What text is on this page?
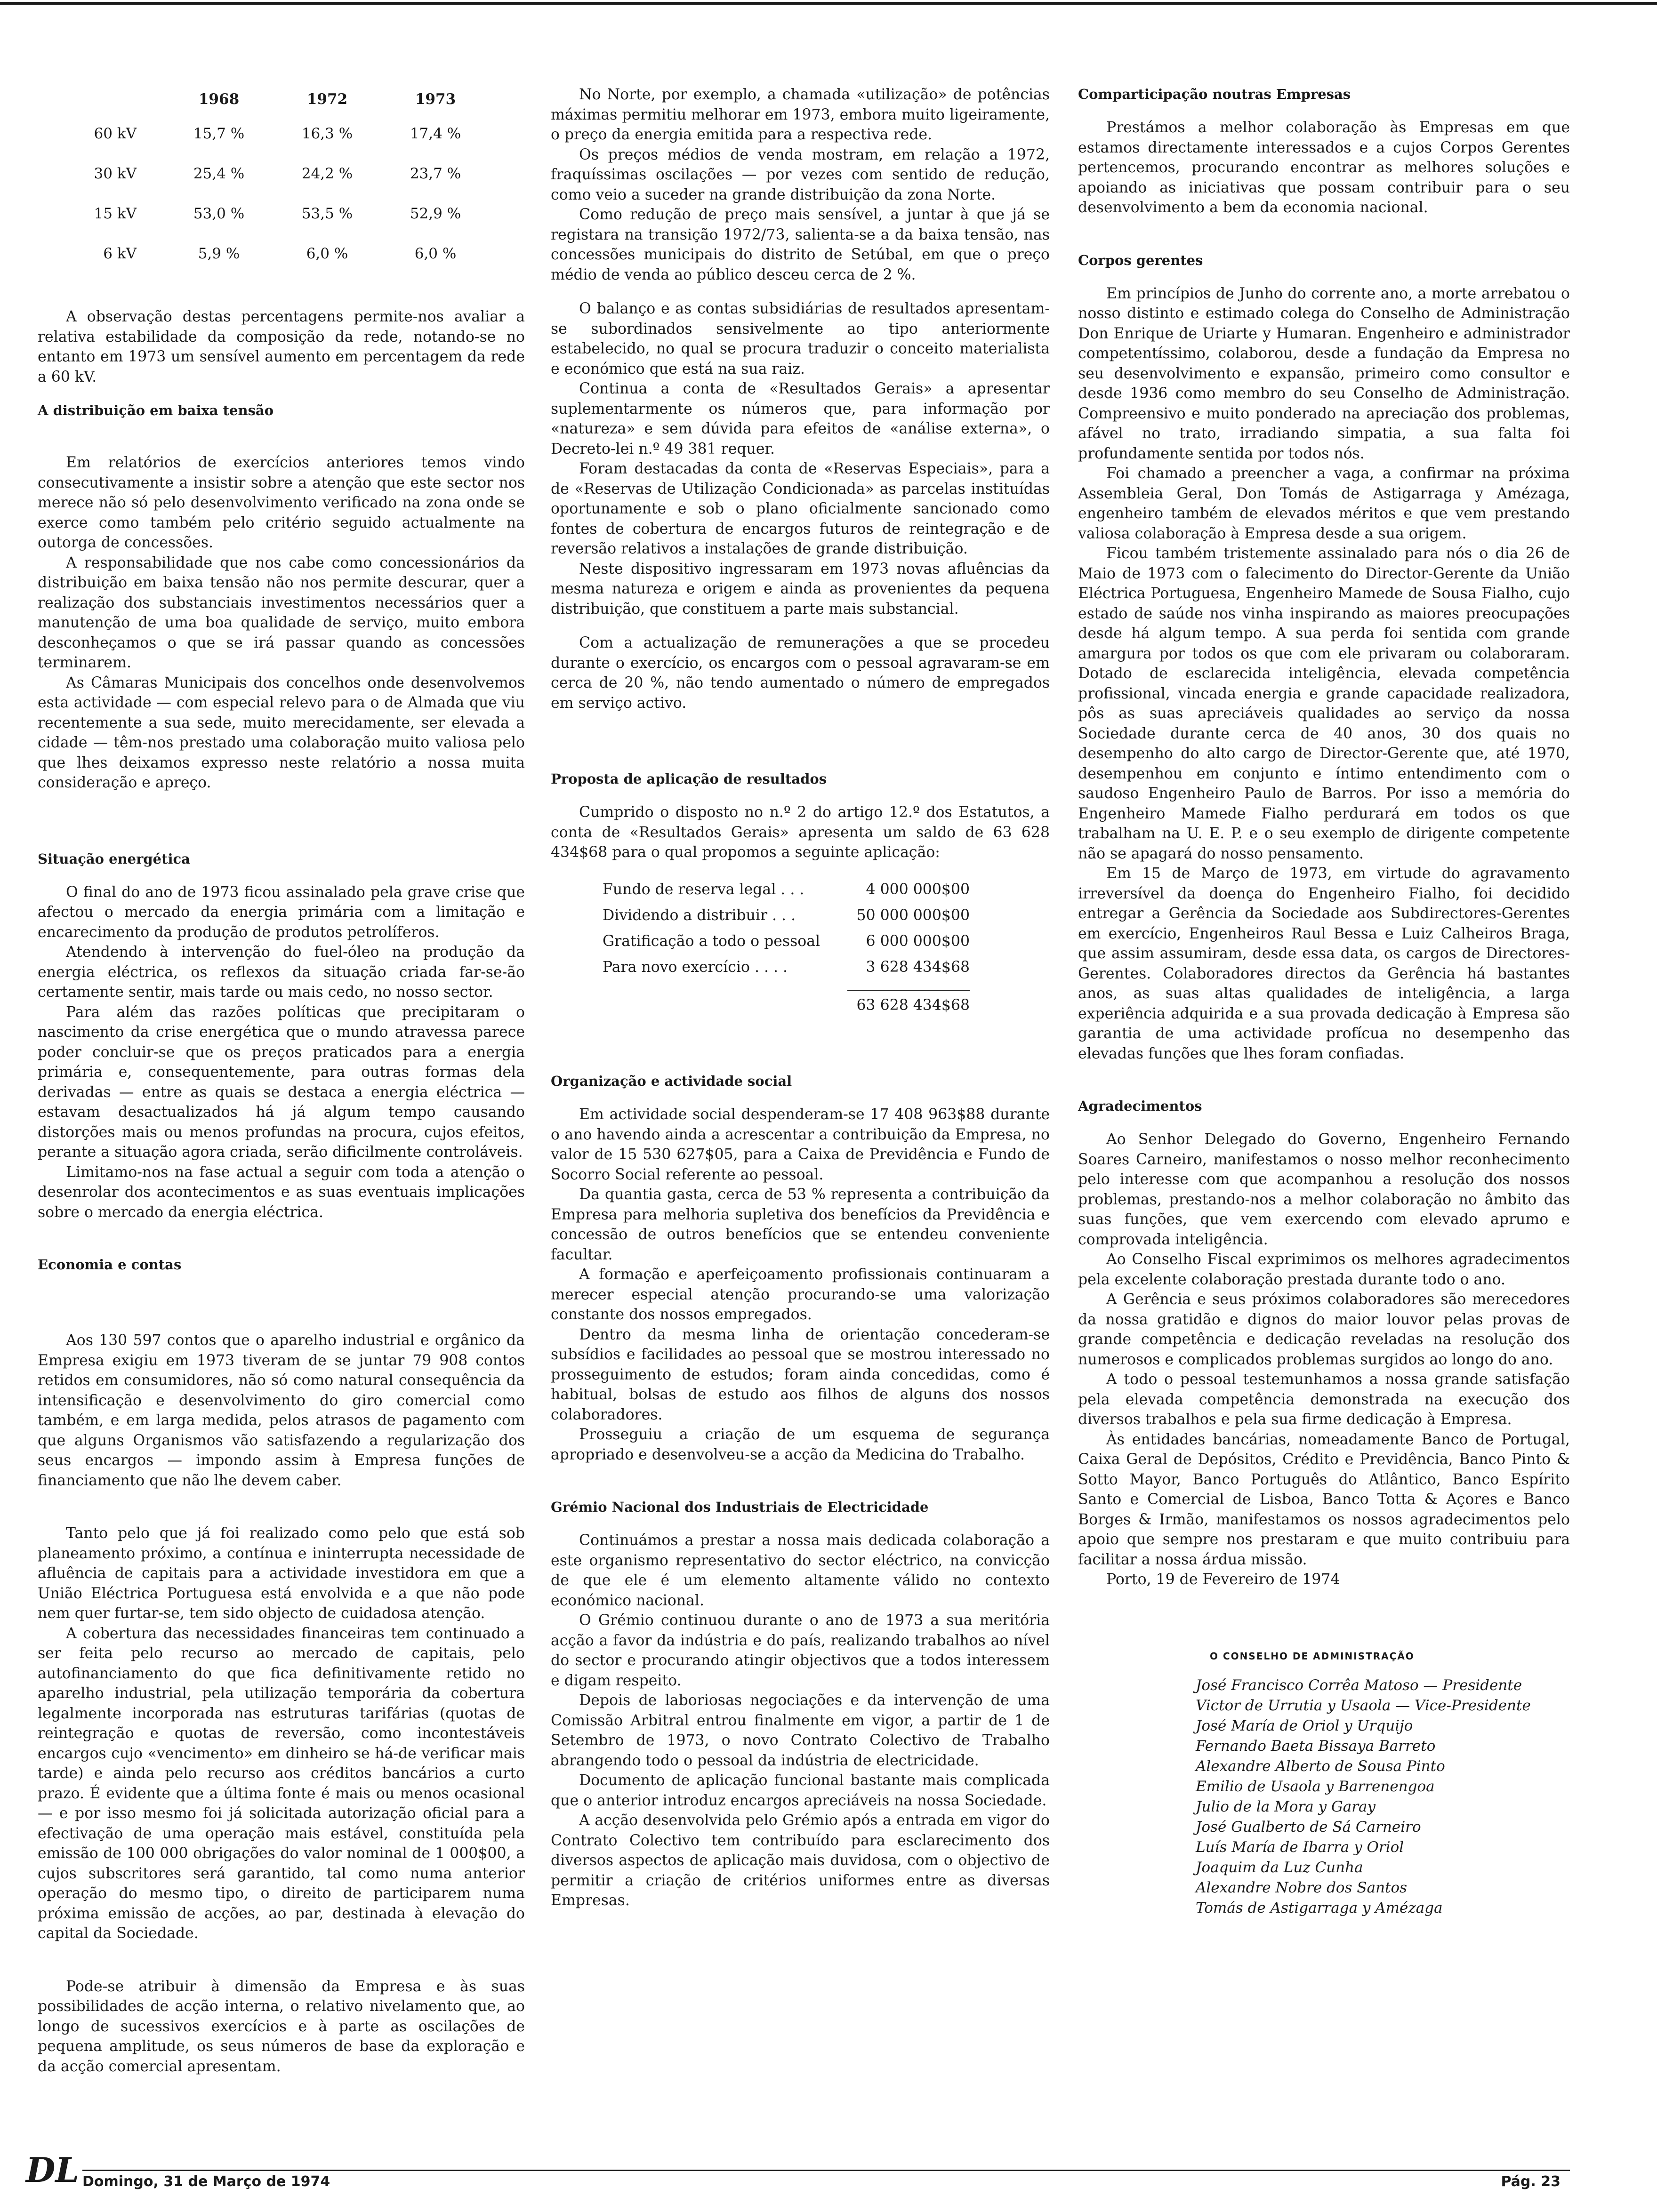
	1968	1972	1973
60 kV	15,7 %	16,3 %	17,4 %
30 kV	25,4 %	24,2 %	23,7 %
15 kV	53,0 %	53,5 %	52,9 %
6 kV	5,9 %	6,0 %	6,0 %

A observação destas percentagens permite-nos avaliar a relativa estabilidade da composição da rede, notando-se no entanto em 1973 um sensível aumento em percentagem da rede a 60 kV.

A distribuição em baixa tensão

Em relatórios de exercícios anteriores temos vindo consecutivamente a insistir sobre a atenção que este sector nos merece não só pelo desenvolvimento verificado na zona onde se exerce como também pelo critério seguido actualmente na outorga de concessões.

A responsabilidade que nos cabe como concessionários da distribuição em baixa tensão não nos permite descurar, quer a realização dos substanciais investimentos necessários quer a manutenção de uma boa qualidade de serviço, muito embora desconheçamos o que se irá passar quando as concessões terminarem.

As Câmaras Municipais dos concelhos onde desenvolvemos esta actividade — com especial relevo para o de Almada que viu recentemente a sua sede, muito merecidamente, ser elevada a cidade — têm-nos prestado uma colaboração muito valiosa pelo que lhes deixamos expresso neste relatório a nossa muita consideração e apreço.

Situação energética

O final do ano de 1973 ficou assinalado pela grave crise que afectou o mercado da energia primária com a limitação e encarecimento da produção de produtos petrolíferos.

Atendendo à intervenção do fuel-óleo na produção da energia eléctrica, os reflexos da situação criada far-se-ão certamente sentir, mais tarde ou mais cedo, no nosso sector.

Para além das razões políticas que precipitaram o nascimento da crise energética que o mundo atravessa parece poder concluir-se que os preços praticados para a energia primária e, consequentemente, para outras formas dela derivadas — entre as quais se destaca a energia eléctrica — estavam desactualizados há já algum tempo causando distorções mais ou menos profundas na procura, cujos efeitos, perante a situação agora criada, serão dificilmente controláveis.

Limitamo-nos na fase actual a seguir com toda a atenção o desenrolar dos acontecimentos e as suas eventuais implicações sobre o mercado da energia eléctrica.

Economia e contas

Aos 130 597 contos que o aparelho industrial e orgânico da Empresa exigiu em 1973 tiveram de se juntar 79 908 contos retidos em consumidores, não só como natural consequência da intensificação e desenvolvimento do giro comercial como também, e em larga medida, pelos atrasos de pagamento com que alguns Organismos vão satisfazendo a regularização dos seus encargos — impondo assim à Empresa funções de financiamento que não lhe devem caber.

Tanto pelo que já foi realizado como pelo que está sob planeamento próximo, a contínua e ininterrupta necessidade de afluência de capitais para a actividade investidora em que a União Eléctrica Portuguesa está envolvida e a que não pode nem quer furtar-se, tem sido objecto de cuidadosa atenção.

A cobertura das necessidades financeiras tem continuado a ser feita pelo recurso ao mercado de capitais, pelo autofinanciamento do que fica definitivamente retido no aparelho industrial, pela utilização temporária da cobertura legalmente incorporada nas estruturas tarifárias (quotas de reintegração e quotas de reversão, como incontestáveis encargos cujo «vencimento» em dinheiro se há-de verificar mais tarde) e ainda pelo recurso aos créditos bancários a curto prazo. É evidente que a última fonte é mais ou menos ocasional — e por isso mesmo foi já solicitada autorização oficial para a efectivação de uma operação mais estável, constituída pela emissão de 100 000 obrigações do valor nominal de 1 000$00, a cujos subscritores será garantido, tal como numa anterior operação do mesmo tipo, o direito de participarem numa próxima emissão de acções, ao par, destinada à elevação do capital da Sociedade.

Pode-se atribuir à dimensão da Empresa e às suas possibilidades de acção interna, o relativo nivelamento que, ao longo de sucessivos exercícios e à parte as oscilações de pequena amplitude, os seus números de base da exploração e da acção comercial apresentam.

No Norte, por exemplo, a chamada «utilização» de potências máximas permitiu melhorar em 1973, embora muito ligeiramente, o preço da energia emitida para a respectiva rede.

Os preços médios de venda mostram, em relação a 1972, fraquíssimas oscilações — por vezes com sentido de redução, como veio a suceder na grande distribuição da zona Norte.

Como redução de preço mais sensível, a juntar à que já se registara na transição 1972/73, salienta-se a da baixa tensão, nas concessões municipais do distrito de Setúbal, em que o preço médio de venda ao público desceu cerca de 2 %.

O balanço e as contas subsidiárias de resultados apresentam-se subordinados sensivelmente ao tipo anteriormente estabelecido, no qual se procura traduzir o conceito materialista e económico que está na sua raiz.

Continua a conta de «Resultados Gerais» a apresentar suplementarmente os números que, para informação por «natureza» e sem dúvida para efeitos de «análise externa», o Decreto-lei n.º 49 381 requer.

Foram destacadas da conta de «Reservas Especiais», para a de «Reservas de Utilização Condicionada» as parcelas instituídas oportunamente e sob o plano oficialmente sancionado como fontes de cobertura de encargos futuros de reintegração e de reversão relativos a instalações de grande distribuição.

Neste dispositivo ingressaram em 1973 novas afluências da mesma natureza e origem e ainda as provenientes da pequena distribuição, que constituem a parte mais substancial.

Com a actualização de remunerações a que se procedeu durante o exercício, os encargos com o pessoal agravaram-se em cerca de 20 %, não tendo aumentado o número de empregados em serviço activo.

Proposta de aplicação de resultados

Cumprido o disposto no n.º 2 do artigo 12.º dos Estatutos, a conta de «Resultados Gerais» apresenta um saldo de 63 628 434$68 para o qual propomos a seguinte aplicação:

Fundo de reserva legal . . .	4 000 000$00
Dividendo a distribuir . . .	50 000 000$00
Gratificação a todo o pessoal	6 000 000$00
Para novo exercício . . . .	3 628 434$68
63 628 434$68
Organização e actividade social

Em actividade social despenderam-se 17 408 963$88 durante o ano havendo ainda a acrescentar a contribuição da Empresa, no valor de 15 530 627$05, para a Caixa de Previdência e Fundo de Socorro Social referente ao pessoal.

Da quantia gasta, cerca de 53 % representa a contribuição da Empresa para melhoria supletiva dos benefícios da Previdência e concessão de outros benefícios que se entendeu conveniente facultar.

A formação e aperfeiçoamento profissionais continuaram a merecer especial atenção procurando-se uma valorização constante dos nossos empregados.

Dentro da mesma linha de orientação concederam-se subsídios e facilidades ao pessoal que se mostrou interessado no prosseguimento de estudos; foram ainda concedidas, como é habitual, bolsas de estudo aos filhos de alguns dos nossos colaboradores.

Prosseguiu a criação de um esquema de segurança apropriado e desenvolveu-se a acção da Medicina do Trabalho.

Grémio Nacional dos Industriais de Electricidade

Continuámos a prestar a nossa mais dedicada colaboração a este organismo representativo do sector eléctrico, na convicção de que ele é um elemento altamente válido no contexto económico nacional.

O Grémio continuou durante o ano de 1973 a sua meritória acção a favor da indústria e do país, realizando trabalhos ao nível do sector e procurando atingir objectivos que a todos interessem e digam respeito.

Depois de laboriosas negociações e da intervenção de uma Comissão Arbitral entrou finalmente em vigor, a partir de 1 de Setembro de 1973, o novo Contrato Colectivo de Trabalho abrangendo todo o pessoal da indústria de electricidade.

Documento de aplicação funcional bastante mais complicada que o anterior introduz encargos apreciáveis na nossa Sociedade.

A acção desenvolvida pelo Grémio após a entrada em vigor do Contrato Colectivo tem contribuído para esclarecimento dos diversos aspectos de aplicação mais duvidosa, com o objectivo de permitir a criação de critérios uniformes entre as diversas Empresas.

Comparticipação noutras Empresas

Prestámos a melhor colaboração às Empresas em que estamos directamente interessados e a cujos Corpos Gerentes pertencemos, procurando encontrar as melhores soluções e apoiando as iniciativas que possam contribuir para o seu desenvolvimento a bem da economia nacional.

Corpos gerentes

Em princípios de Junho do corrente ano, a morte arrebatou o nosso distinto e estimado colega do Conselho de Administração Don Enrique de Uriarte y Humaran. Engenheiro e administrador competentíssimo, colaborou, desde a fundação da Empresa no seu desenvolvimento e expansão, primeiro como consultor e desde 1936 como membro do seu Conselho de Administração. Compreensivo e muito ponderado na apreciação dos problemas, afável no trato, irradiando simpatia, a sua falta foi profundamente sentida por todos nós.

Foi chamado a preencher a vaga, a confirmar na próxima Assembleia Geral, Don Tomás de Astigarraga y Amézaga, engenheiro também de elevados méritos e que vem prestando valiosa colaboração à Empresa desde a sua origem.

Ficou também tristemente assinalado para nós o dia 26 de Maio de 1973 com o falecimento do Director-Gerente da União Eléctrica Portuguesa, Engenheiro Mamede de Sousa Fialho, cujo estado de saúde nos vinha inspirando as maiores preocupações desde há algum tempo. A sua perda foi sentida com grande amargura por todos os que com ele privaram ou colaboraram. Dotado de esclarecida inteligência, elevada competência profissional, vincada energia e grande capacidade realizadora, pôs as suas apreciáveis qualidades ao serviço da nossa Sociedade durante cerca de 40 anos, 30 dos quais no desempenho do alto cargo de Director-Gerente que, até 1970, desempenhou em conjunto e íntimo entendimento com o saudoso Engenheiro Paulo de Barros. Por isso a memória do Engenheiro Mamede Fialho perdurará em todos os que trabalham na U. E. P. e o seu exemplo de dirigente competente não se apagará do nosso pensamento.

Em 15 de Março de 1973, em virtude do agravamento irreversível da doença do Engenheiro Fialho, foi decidido entregar a Gerência da Sociedade aos Subdirectores-Gerentes em exercício, Engenheiros Raul Bessa e Luiz Calheiros Braga, que assim assumiram, desde essa data, os cargos de Directores-Gerentes. Colaboradores directos da Gerência há bastantes anos, as suas altas qualidades de inteligência, a larga experiência adquirida e a sua provada dedicação à Empresa são garantia de uma actividade profícua no desempenho das elevadas funções que lhes foram confiadas.

Agradecimentos

Ao Senhor Delegado do Governo, Engenheiro Fernando Soares Carneiro, manifestamos o nosso melhor reconhecimento pelo interesse com que acompanhou a resolução dos nossos problemas, prestando-nos a melhor colaboração no âmbito das suas funções, que vem exercendo com elevado aprumo e comprovada inteligência.

Ao Conselho Fiscal exprimimos os melhores agradecimentos pela excelente colaboração prestada durante todo o ano.

A Gerência e seus próximos colaboradores são merecedores da nossa gratidão e dignos do maior louvor pelas provas de grande competência e dedicação reveladas na resolução dos numerosos e complicados problemas surgidos ao longo do ano.

A todo o pessoal testemunhamos a nossa grande satisfação pela elevada competência demonstrada na execução dos diversos trabalhos e pela sua firme dedicação à Empresa.

Às entidades bancárias, nomeadamente Banco de Portugal, Caixa Geral de Depósitos, Crédito e Previdência, Banco Pinto & Sotto Mayor, Banco Português do Atlântico, Banco Espírito Santo e Comercial de Lisboa, Banco Totta & Açores e Banco Borges & Irmão, manifestamos os nossos agradecimentos pelo apoio que sempre nos prestaram e que muito contribuiu para facilitar a nossa árdua missão.

Porto, 19 de Fevereiro de 1974

O CONSELHO DE ADMINISTRAÇÃO
José Francisco Corrêa Matoso — Presidente
Victor de Urrutia y Usaola — Vice-Presidente
José María de Oriol y Urquijo
Fernando Baeta Bissaya Barreto
Alexandre Alberto de Sousa Pinto
Emilio de Usaola y Barrenengoa
Julio de la Mora y Garay
José Gualberto de Sá Carneiro
Luís María de Ibarra y Oriol
Joaquim da Luz Cunha
Alexandre Nobre dos Santos
Tomás de Astigarraga y Amézaga
DL Domingo, 31 de Março de 1974	Pág. 23
